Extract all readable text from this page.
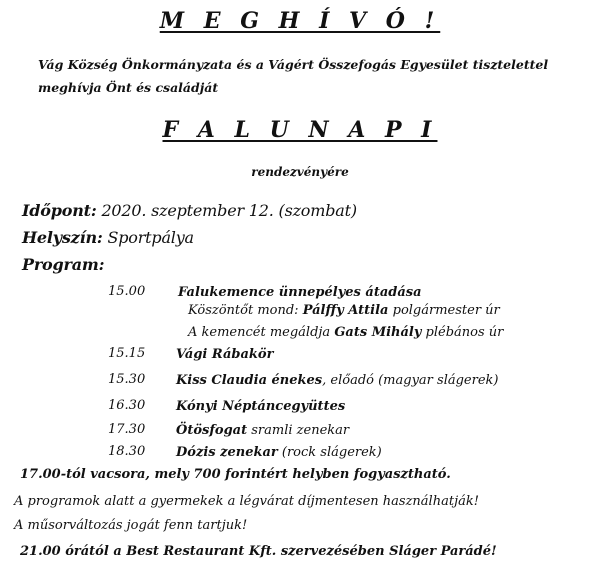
M E G H Í V Ó !
Vág Község Önkormányzata és a Vágért Összefogás Egyesület tisztelettel
meghívja Önt és családját
F A L U N A P I
rendezvényére
Időpont: 2020. szeptember 12. (szombat)
Helyszín: Sportpálya
Program:
15.00	Falukemence ünnepélyes átadása
Köszöntőt mond: Pálffy Attila polgármester úr
A kemencét megáldja Gats Mihály plébános úr
15.15 Vági Rábakör
15.30 Kiss Claudia énekes, előadó (magyar slágerek)
16.30 Kónyi Néptáncegyüttes
17.30 Ötösfogat sramli zenekar
18.30 Dózis zenekar (rock slágerek)
17.00-tól vacsora, mely 700 forintért helyben fogyasztható.
A programok alatt a gyermekek a légvárat díjmentesen használhatják!
A műsorváltozás jogát fenn tartjuk!
21.00 órától a Best Restaurant Kft. szervezésében Sláger Parádé!
